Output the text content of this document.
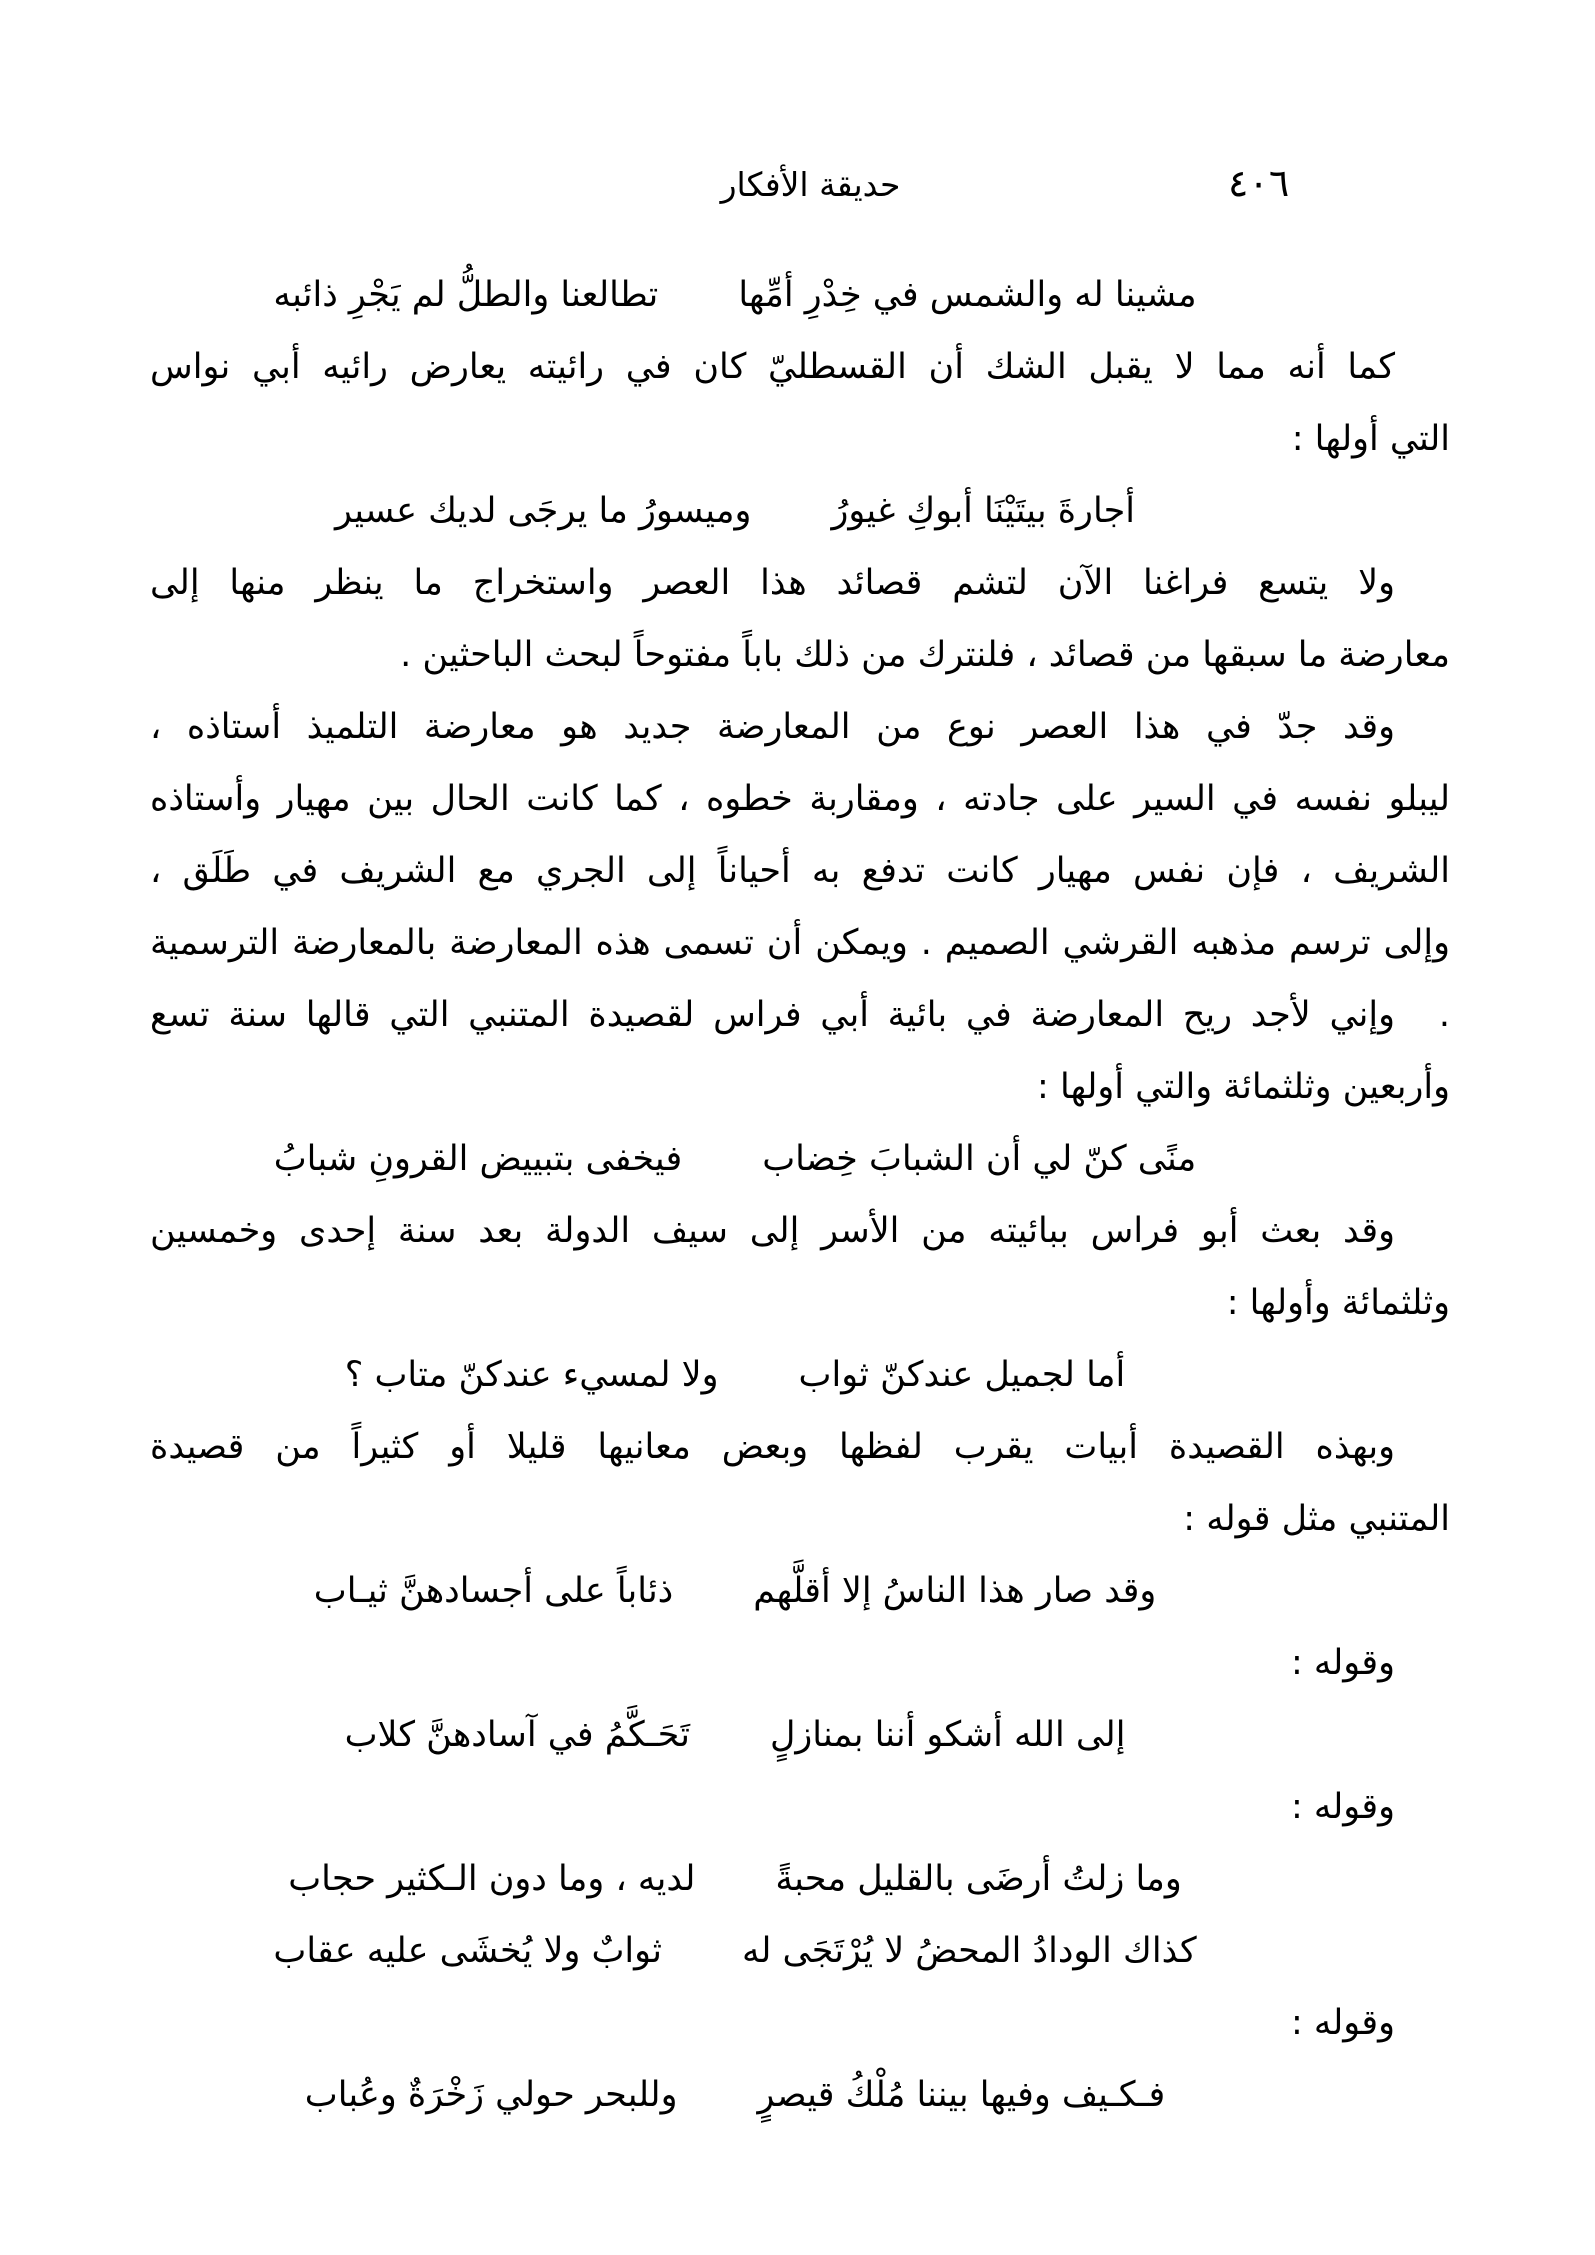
٤٠٦
حديقة الأفكار
مشينا له والشمس في خِدْرِ أمِّها
تطالعنا والطلُّ لم يَجْرِ ذائبه
كما أنه مما لا يقبل الشك أن القسطليّ كان في رائيته يعارض رائيه أبي نواس
التي أولها :
أجارةَ بيتَيْنَا أبوكِ غيورُ
وميسورُ ما يرجَى لديك عسير
ولا يتسع فراغنا الآن لتشم قصائد هذا العصر واستخراج ما ينظر منها إلى
معارضة ما سبقها من قصائد ، فلنترك من ذلك باباً مفتوحاً لبحث الباحثين .
وقد جدّ في هذا العصر نوع من المعارضة جديد هو معارضة التلميذ أستاذه ،
ليبلو نفسه في السير على جادته ، ومقاربة خطوه ، كما كانت الحال بين مهيار وأستاذه
الشريف ، فإن نفس مهيار كانت تدفع به أحياناً إلى الجري مع الشريف في طَلَق ،
وإلى ترسم مذهبه القرشي الصميم . ويمكن أن تسمى هذه المعارضة بالمعارضة الترسمية .
وإني لأجد ريح المعارضة في بائية أبي فراس لقصيدة المتنبي التي قالها سنة تسع
وأربعين وثلثمائة والتي أولها :
منًى كنّ لي أن الشبابَ خِضاب
فيخفى بتبييض القرونِ شبابُ
وقد بعث أبو فراس ببائيته من الأسر إلى سيف الدولة بعد سنة إحدى وخمسين
وثلثمائة وأولها :
أما لجميل عندكنّ ثواب
ولا لمسيء عندكنّ متاب ؟
وبهذه القصيدة أبيات يقرب لفظها وبعض معانيها قليلا أو كثيراً من قصيدة
المتنبي مثل قوله :
وقد صار هذا الناسُ إلا أقلَّهم
ذئاباً على أجسادهنَّ ثيـاب
وقوله :
إلى الله أشكو أننا بمنازلٍ
تَحَـكَّمُ في آسادهنَّ كلاب
وقوله :
وما زلتُ أرضَى بالقليل محبةً
لديه ، وما دون الـكثير حجاب
كذاك الودادُ المحضُ لا يُرْتَجَى له
ثوابٌ ولا يُخشَى عليه عقاب
وقوله :
فـكـيف وفيها بيننا مُلْكُ قيصرٍ
وللبحر حولي زَخْرَةٌ وعُباب
